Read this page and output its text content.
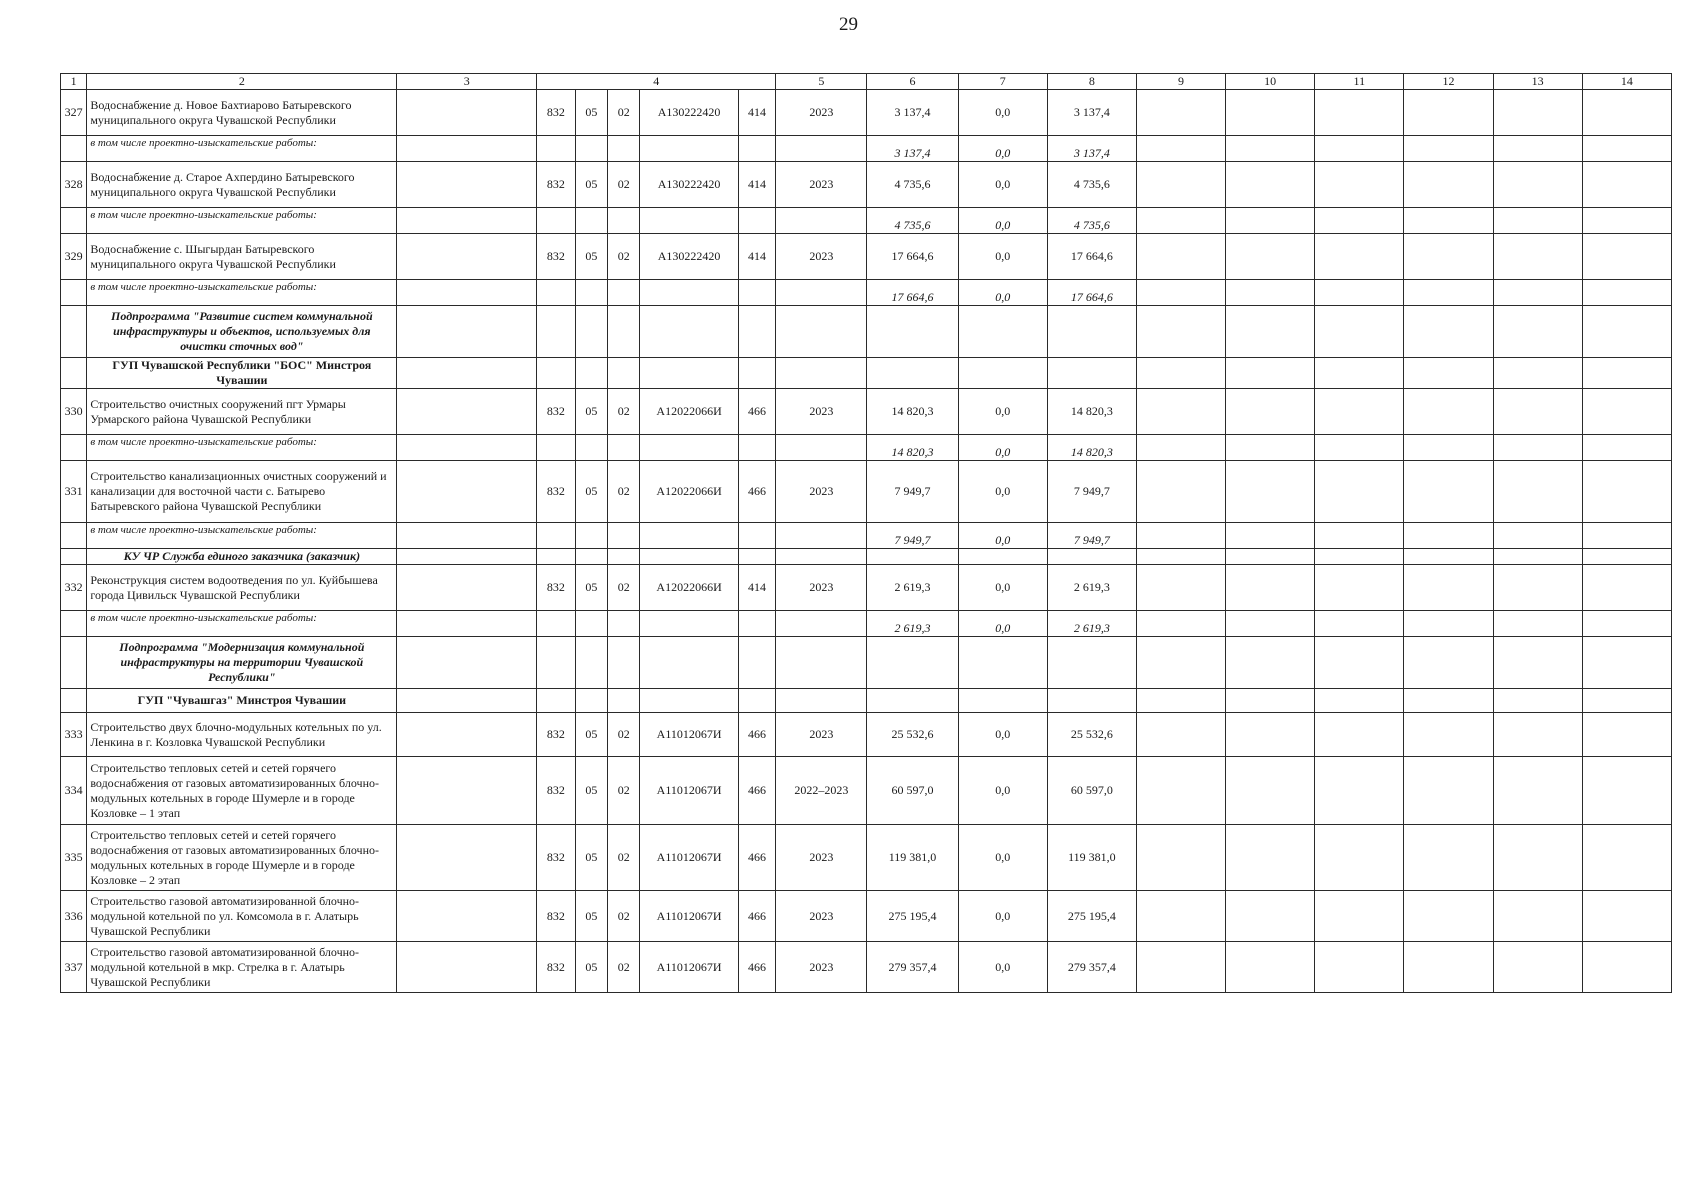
29
1	2	3	4					5	6	7	8	9	10	11	12	13	14
327	Водоснабжение д. Новое Бахтиарово Батыревского муниципального округа Чувашской Республики		832	05	02	А130222420	414	2023	3 137,4	0,0	3 137,4						
	в том числе проектно-изыскательские работы:								3 137,4	0,0	3 137,4						
328	Водоснабжение д. Старое Ахпердино Батыревского муниципального округа Чувашской Республики		832	05	02	А130222420	414	2023	4 735,6	0,0	4 735,6						
	в том числе проектно-изыскательские работы:								4 735,6	0,0	4 735,6						
329	Водоснабжение с. Шыгырдан Батыревского муниципального округа Чувашской Республики		832	05	02	А130222420	414	2023	17 664,6	0,0	17 664,6						
	в том числе проектно-изыскательские работы:								17 664,6	0,0	17 664,6						
	Подпрограмма "Развитие систем коммунальной инфраструктуры и объектов, используемых для очистки сточных вод"																
	ГУП Чувашской Республики "БОС" Минстроя Чувашии																
330	Строительство очистных сооружений пгт Урмары Урмарского района Чувашской Республики		832	05	02	А12022066И	466	2023	14 820,3	0,0	14 820,3						
	в том числе проектно-изыскательские работы:								14 820,3	0,0	14 820,3						
331	Строительство канализационных очистных сооружений и канализации для восточной части с. Батырево Батыревского района Чувашской Республики		832	05	02	А12022066И	466	2023	7 949,7	0,0	7 949,7						
	в том числе проектно-изыскательские работы:								7 949,7	0,0	7 949,7						
	КУ ЧР Служба единого заказчика (заказчик)																
332	Реконструкция систем водоотведения по ул. Куйбышева города Цивильск Чувашской Республики		832	05	02	А12022066И	414	2023	2 619,3	0,0	2 619,3						
	в том числе проектно-изыскательские работы:								2 619,3	0,0	2 619,3						
	Подпрограмма "Модернизация коммунальной инфраструктуры на территории Чувашской Республики"																
	ГУП "Чувашгаз" Минстроя Чувашии																
333	Строительство двух блочно-модульных котельных по ул. Ленкина в г. Козловка Чувашской Республики		832	05	02	А11012067И	466	2023	25 532,6	0,0	25 532,6						
334	Строительство тепловых сетей и сетей горячего водоснабжения от газовых автоматизированных блочно-модульных котельных в городе Шумерле и в городе Козловке – 1 этап		832	05	02	А11012067И	466	2022–2023	60 597,0	0,0	60 597,0						
335	Строительство тепловых сетей и сетей горячего водоснабжения от газовых автоматизированных блочно-модульных котельных в городе Шумерле и в городе Козловке – 2 этап		832	05	02	А11012067И	466	2023	119 381,0	0,0	119 381,0						
336	Строительство газовой автоматизированной блочно-модульной котельной по ул. Комсомола в г. Алатырь Чувашской Республики		832	05	02	А11012067И	466	2023	275 195,4	0,0	275 195,4						
337	Строительство газовой автоматизированной блочно-модульной котельной в мкр. Стрелка в г. Алатырь Чувашской Республики		832	05	02	А11012067И	466	2023	279 357,4	0,0	279 357,4						
